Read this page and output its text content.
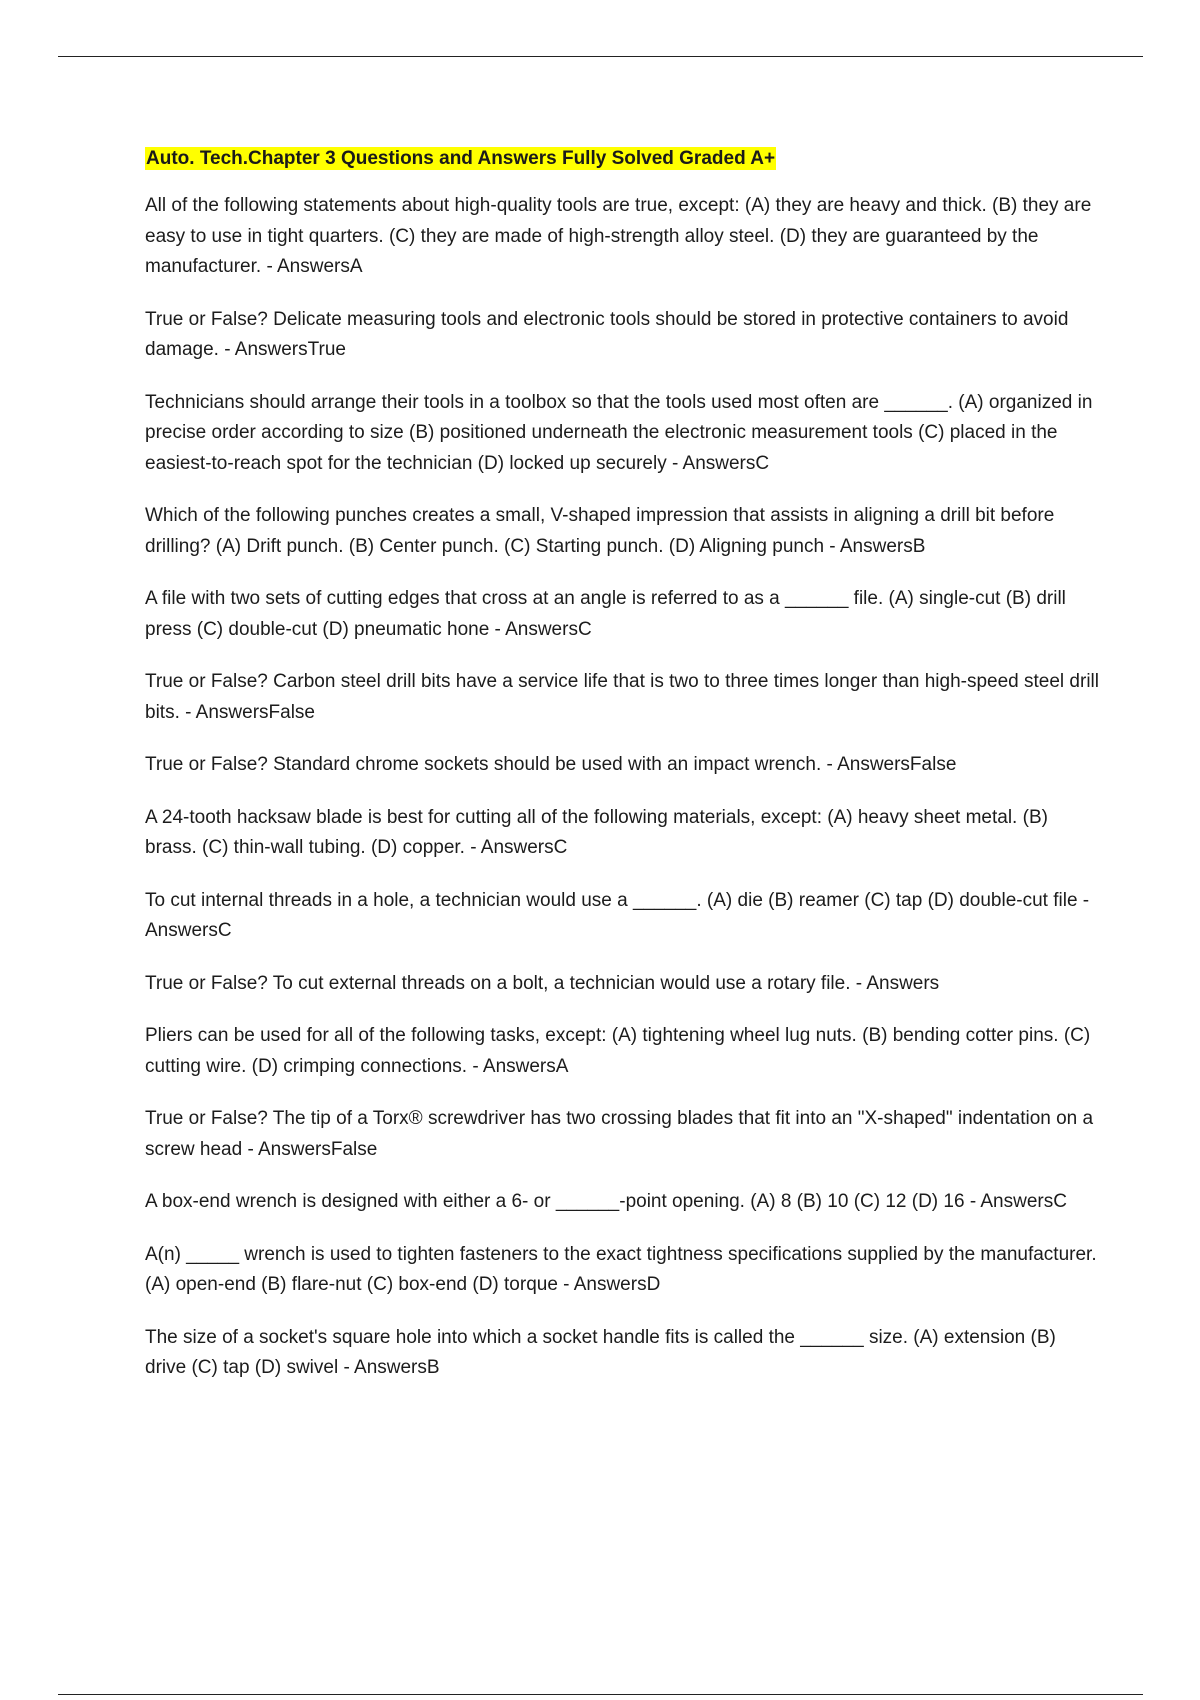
Auto. Tech.Chapter 3 Questions and Answers Fully Solved Graded A+

All of the following statements about high-quality tools are true, except: (A) they are heavy and thick. (B) they are easy to use in tight quarters. (C) they are made of high-strength alloy steel. (D) they are guaranteed by the manufacturer. - AnswersA

True or False? Delicate measuring tools and electronic tools should be stored in protective containers to avoid damage. - AnswersTrue

Technicians should arrange their tools in a toolbox so that the tools used most often are ______. (A) organized in precise order according to size (B) positioned underneath the electronic measurement tools (C) placed in the easiest-to-reach spot for the technician (D) locked up securely - AnswersC

Which of the following punches creates a small, V-shaped impression that assists in aligning a drill bit before drilling? (A) Drift punch. (B) Center punch. (C) Starting punch. (D) Aligning punch - AnswersB

A file with two sets of cutting edges that cross at an angle is referred to as a ______ file. (A) single-cut (B) drill press (C) double-cut (D) pneumatic hone - AnswersC

True or False? Carbon steel drill bits have a service life that is two to three times longer than high-speed steel drill bits. - AnswersFalse

True or False? Standard chrome sockets should be used with an impact wrench. - AnswersFalse

A 24-tooth hacksaw blade is best for cutting all of the following materials, except: (A) heavy sheet metal. (B) brass. (C) thin-wall tubing. (D) copper. - AnswersC

To cut internal threads in a hole, a technician would use a ______. (A) die (B) reamer (C) tap (D) double-cut file - AnswersC

True or False? To cut external threads on a bolt, a technician would use a rotary file. - Answers

Pliers can be used for all of the following tasks, except: (A) tightening wheel lug nuts. (B) bending cotter pins. (C) cutting wire. (D) crimping connections. - AnswersA

True or False? The tip of a Torx® screwdriver has two crossing blades that fit into an "X-shaped" indentation on a screw head - AnswersFalse

A box-end wrench is designed with either a 6- or ______-point opening. (A) 8 (B) 10 (C) 12 (D) 16 - AnswersC

A(n) _____ wrench is used to tighten fasteners to the exact tightness specifications supplied by the manufacturer. (A) open-end (B) flare-nut (C) box-end (D) torque - AnswersD

The size of a socket's square hole into which a socket handle fits is called the ______ size. (A) extension (B) drive (C) tap (D) swivel - AnswersB
